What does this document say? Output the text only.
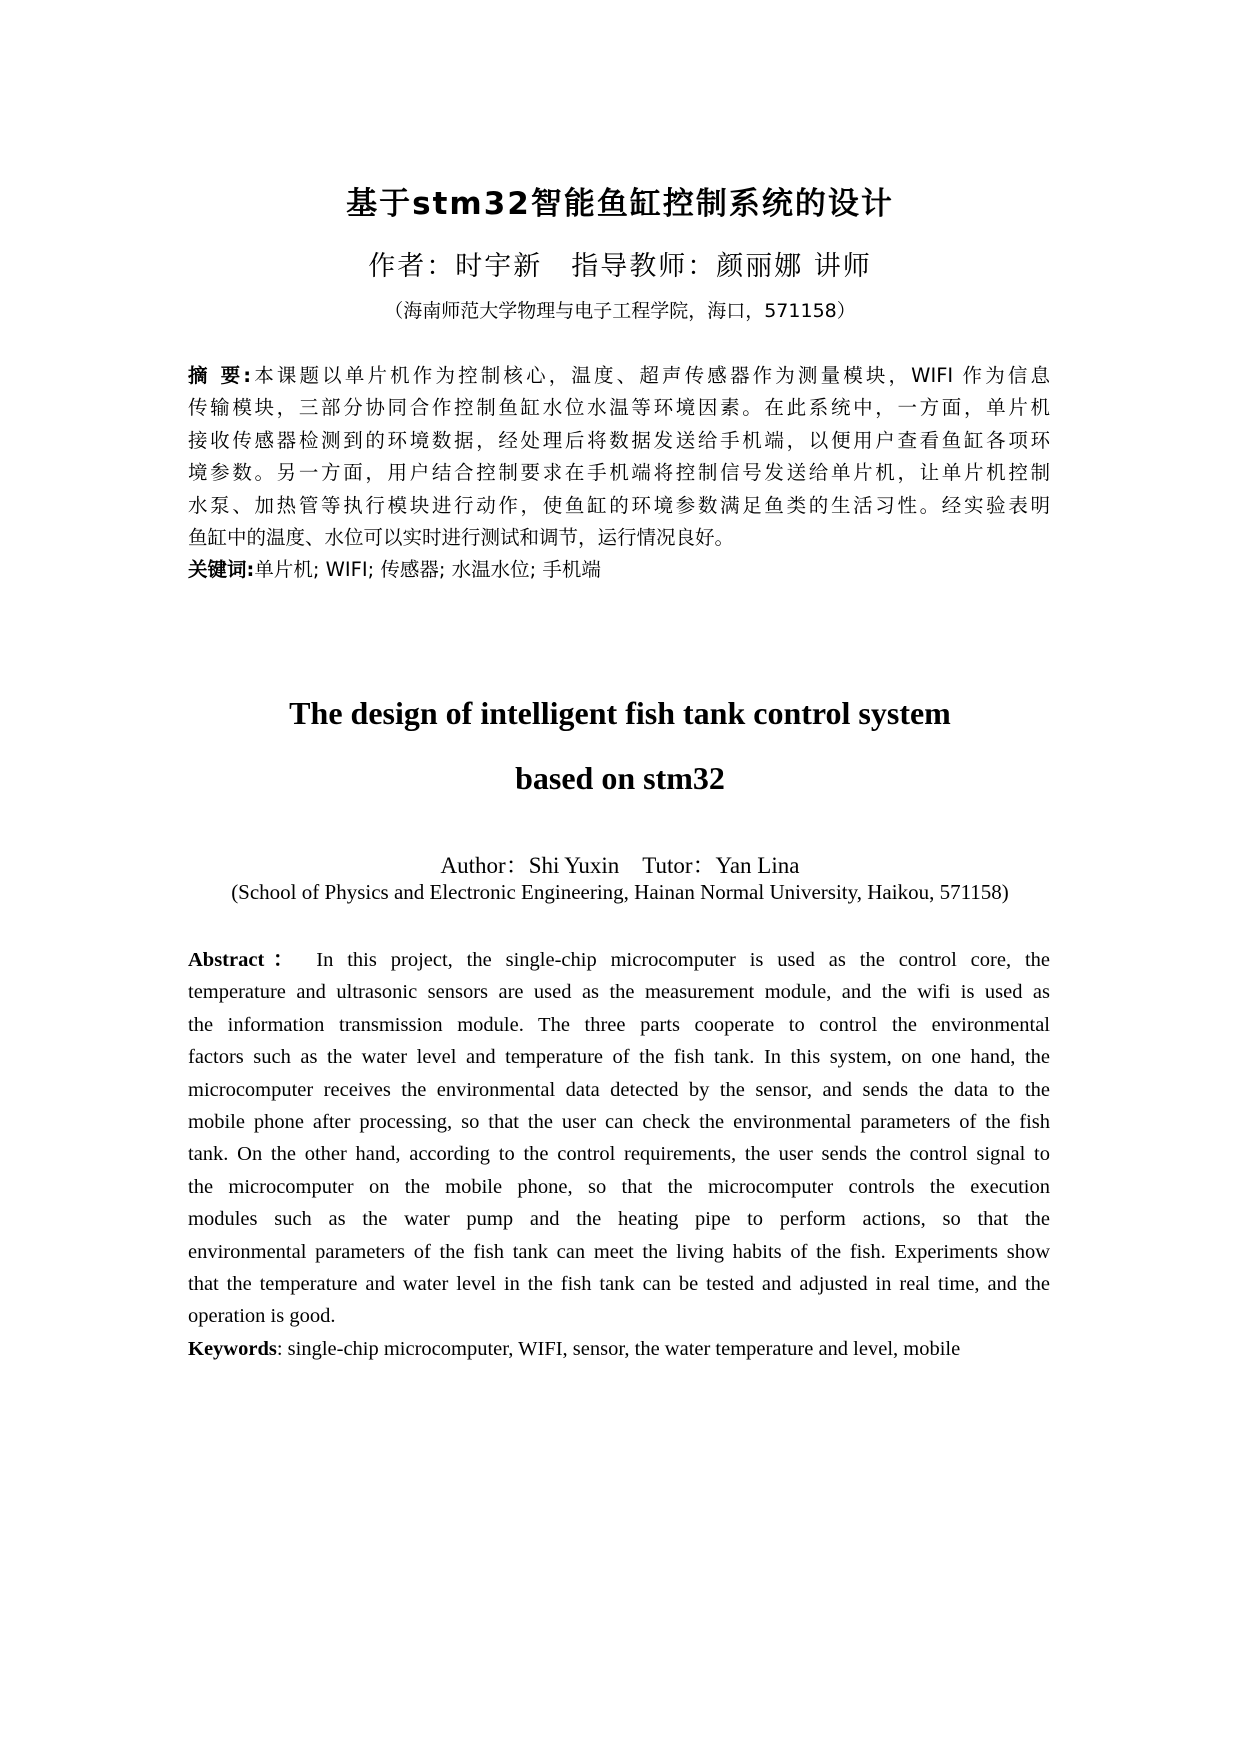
基于stm32智能鱼缸控制系统的设计
作者：时宇新　指导教师：颜丽娜 讲师
（海南师范大学物理与电子工程学院，海口，571158）
摘 要:本课题以单片机作为控制核心，温度、超声传感器作为测量模块，WIFI 作为信息
传输模块，三部分协同合作控制鱼缸水位水温等环境因素。在此系统中，一方面，单片机
接收传感器检测到的环境数据，经处理后将数据发送给手机端，以便用户查看鱼缸各项环
境参数。另一方面，用户结合控制要求在手机端将控制信号发送给单片机，让单片机控制
水泵、加热管等执行模块进行动作，使鱼缸的环境参数满足鱼类的生活习性。经实验表明
鱼缸中的温度、水位可以实时进行测试和调节，运行情况良好。
关键词:单片机; WIFI; 传感器; 水温水位; 手机端
The design of intelligent fish tank control system
based on stm32
Author：Shi Yuxin　Tutor：Yan Lina
(School of Physics and Electronic Engineering, Hainan Normal University, Haikou, 571158)
Abstract： In this project, the single-chip microcomputer is used as the control core, the
temperature and ultrasonic sensors are used as the measurement module, and the wifi is used as
the information transmission module. The three parts cooperate to control the environmental
factors such as the water level and temperature of the fish tank. In this system, on one hand, the
microcomputer receives the environmental data detected by the sensor, and sends the data to the
mobile phone after processing, so that the user can check the environmental parameters of the fish
tank. On the other hand, according to the control requirements, the user sends the control signal to
the microcomputer on the mobile phone, so that the microcomputer controls the execution
modules such as the water pump and the heating pipe to perform actions, so that the
environmental parameters of the fish tank can meet the living habits of the fish. Experiments show
that the temperature and water level in the fish tank can be tested and adjusted in real time, and the
operation is good.
Keywords: single-chip microcomputer, WIFI, sensor, the water temperature and level, mobile
